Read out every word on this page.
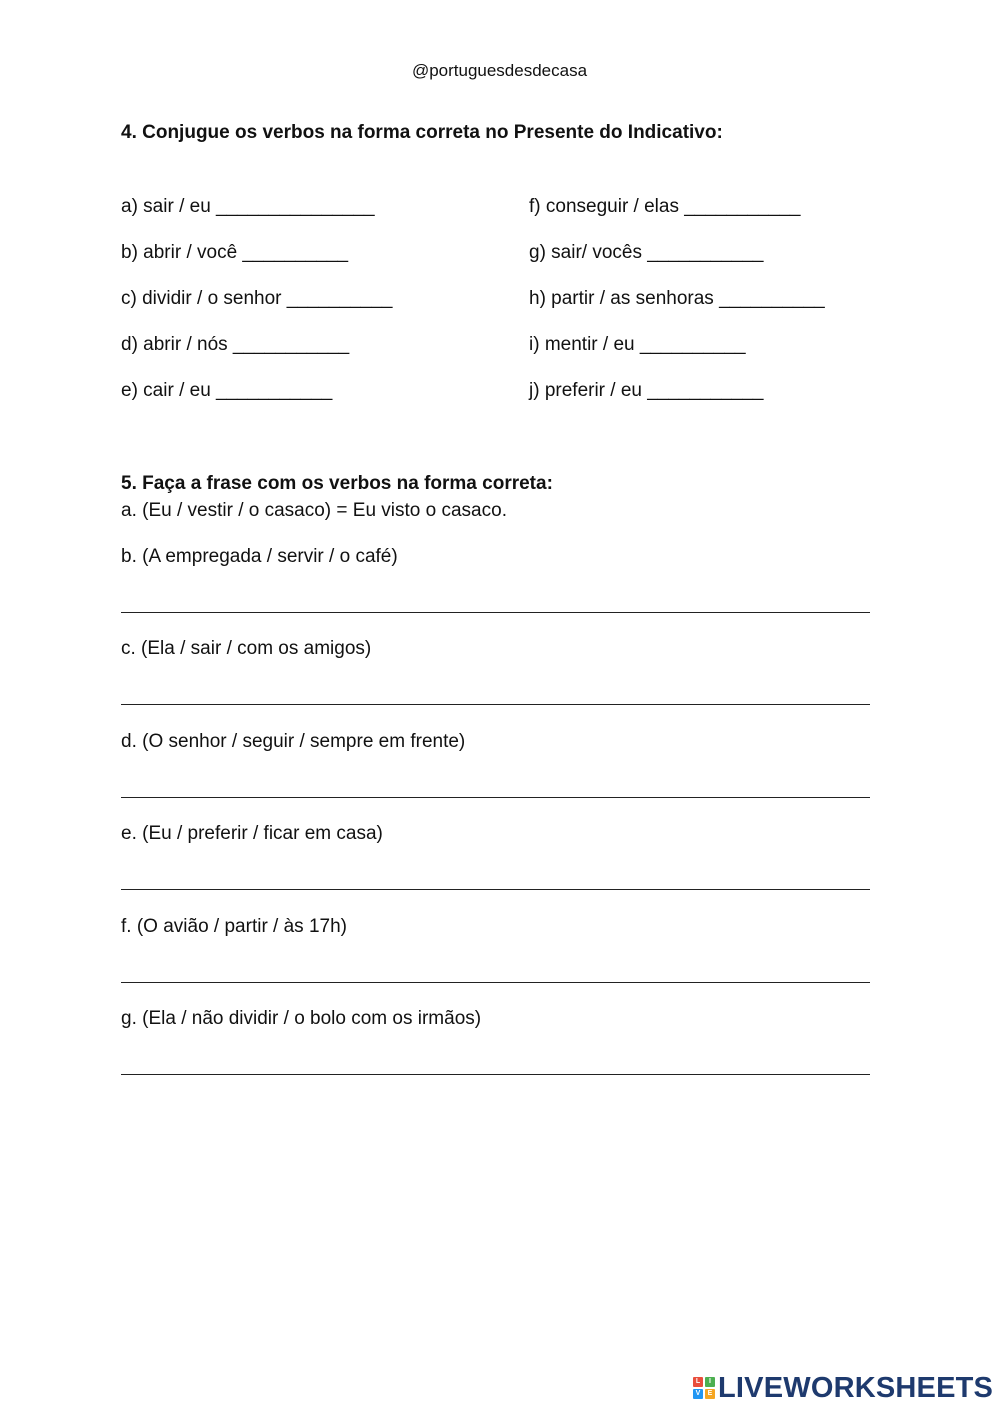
@portuguesdesdecasa
4. Conjugue os verbos na forma correta no Presente do Indicativo:
a) sair / eu _______________
b) abrir / você __________
c) dividir / o senhor __________
d) abrir / nós ___________
e) cair / eu ___________
f) conseguir / elas ___________
g) sair/ vocês ___________
h) partir / as senhoras __________
i) mentir / eu __________
j) preferir / eu ___________
5. Faça a frase com os verbos na forma correta:
a. (Eu / vestir / o casaco) = Eu visto o casaco.
b. (A empregada / servir / o café)
c. (Ela / sair / com os amigos)
d. (O senhor / seguir / sempre em frente)
e. (Eu / preferir / ficar em casa)
f. (O avião / partir / às 17h)
g. (Ela / não dividir / o bolo com os irmãos)
L	I
V	E LIVEWORKSHEETS
